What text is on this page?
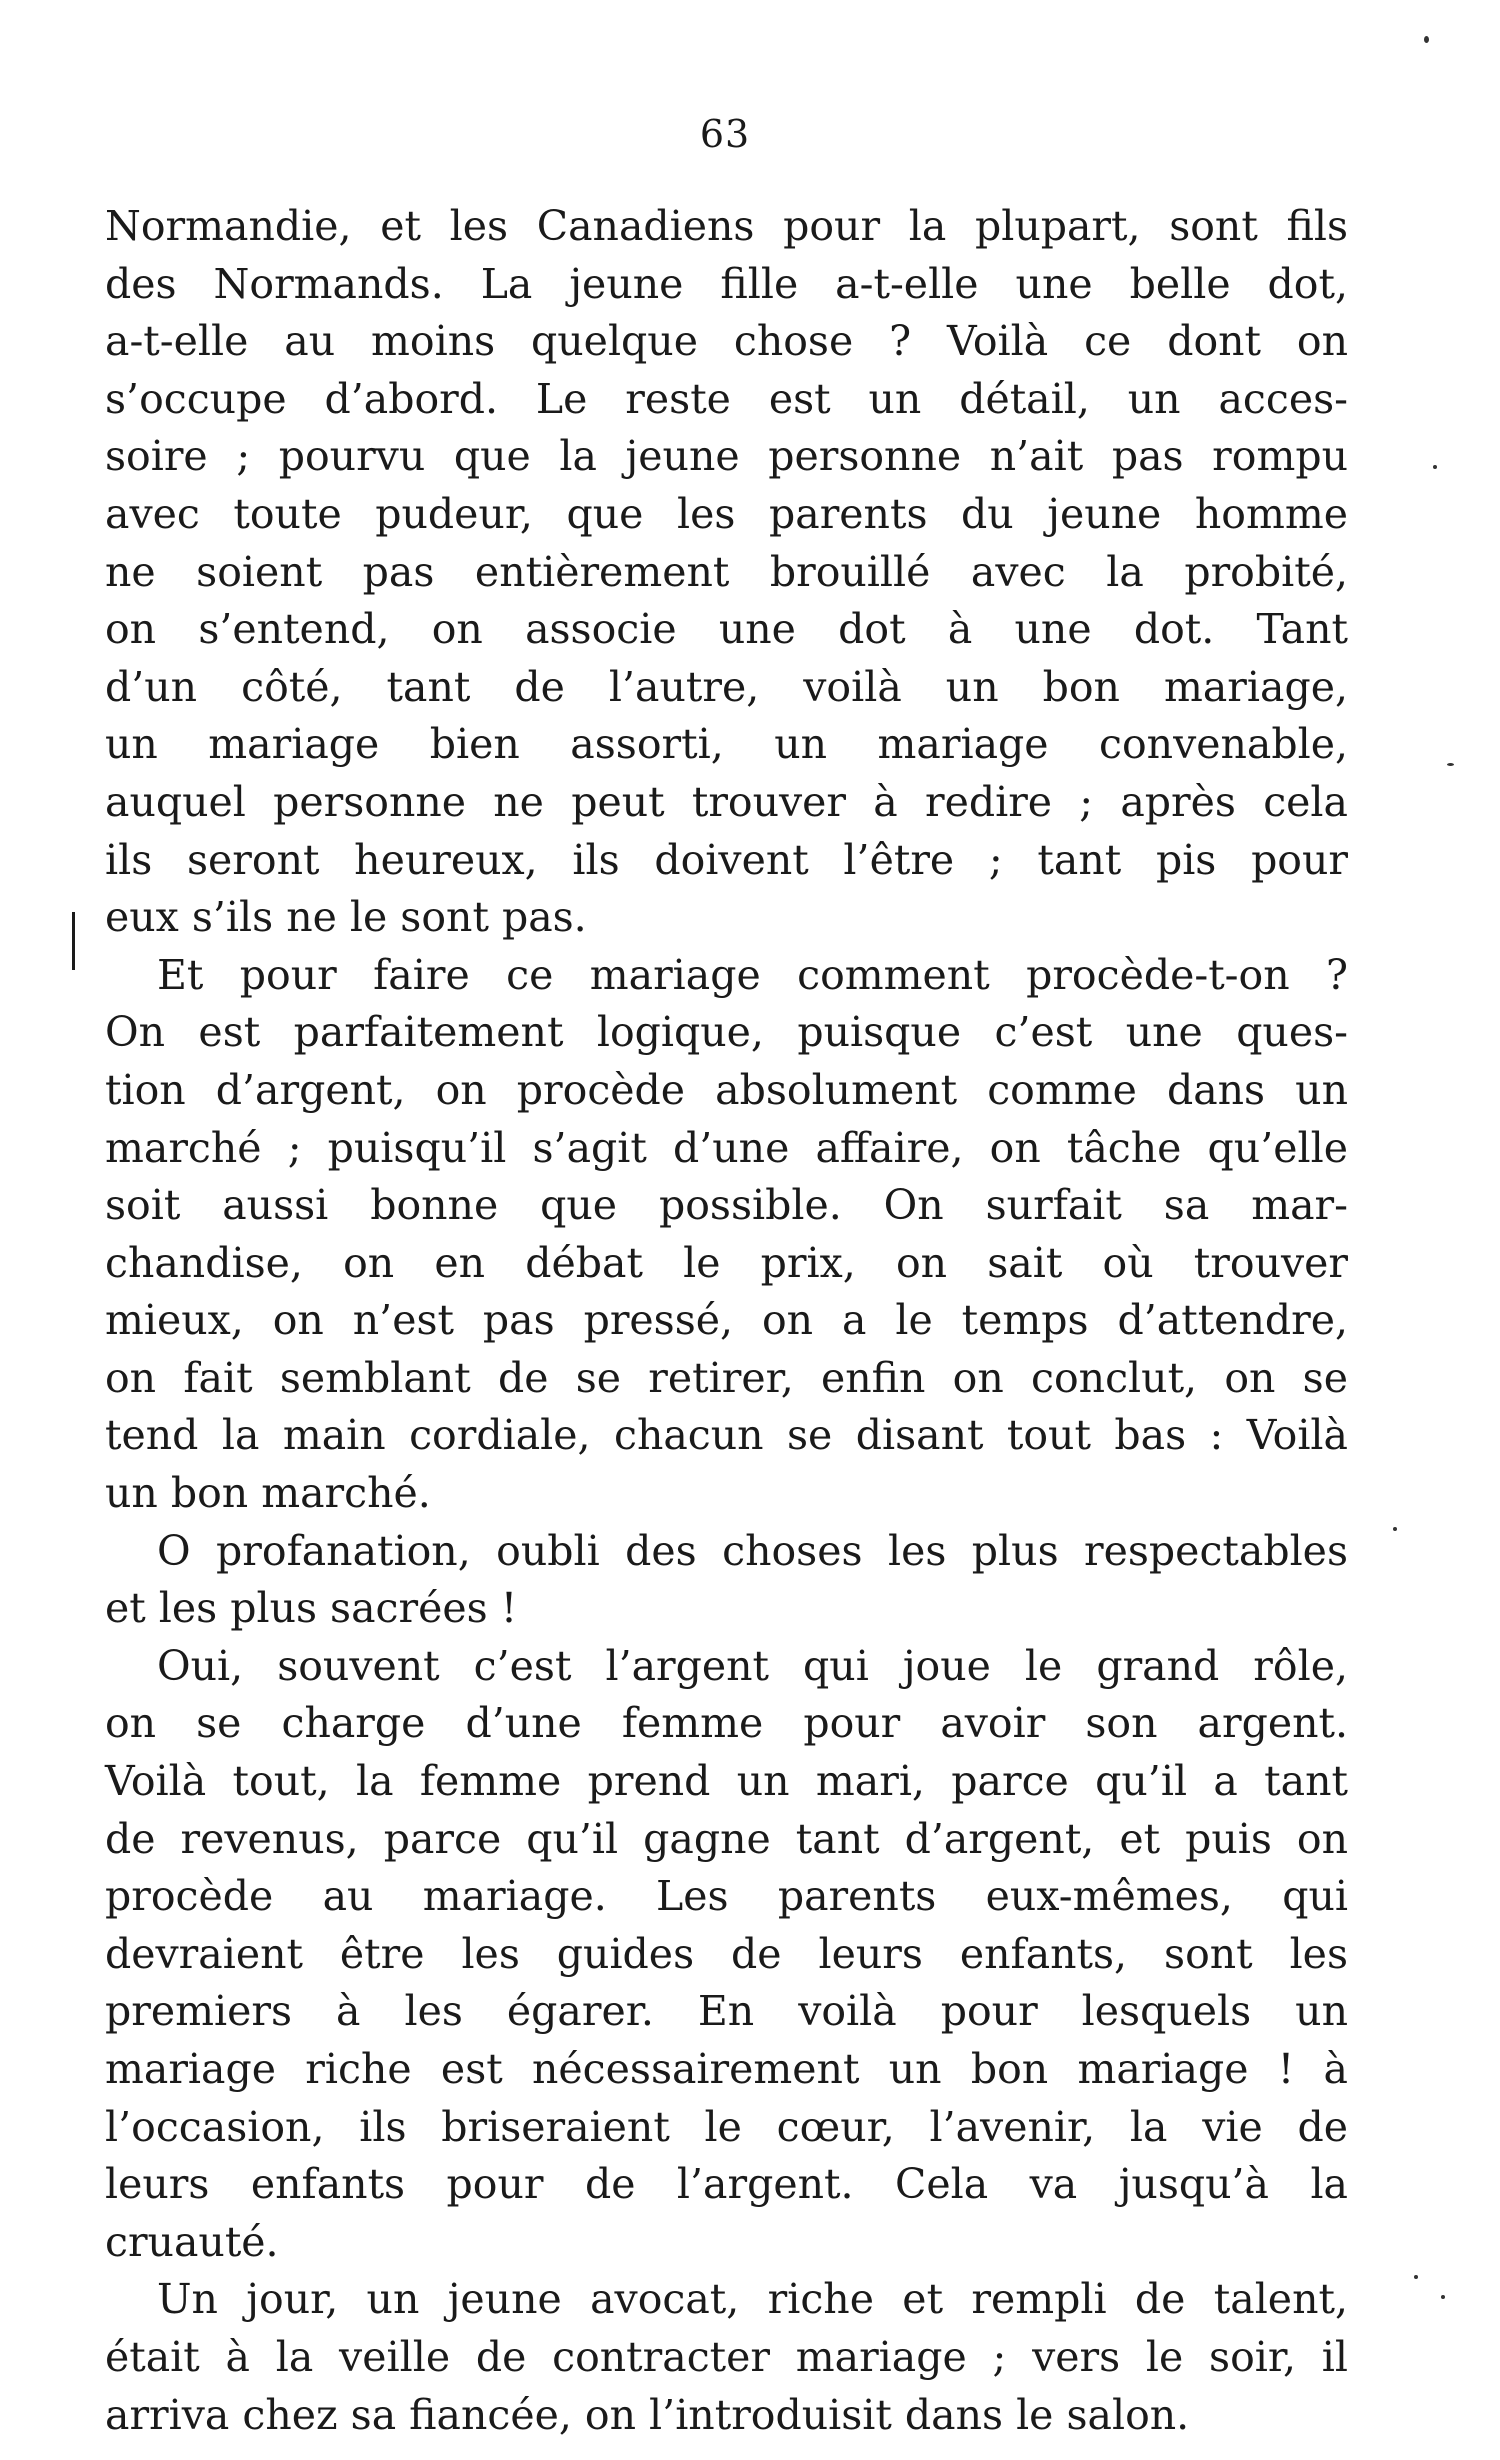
63
Normandie, et les Canadiens pour la plupart, sont fils
des Normands. La jeune fille a-t-elle une belle dot,
a-t-elle au moins quelque chose ? Voilà ce dont on
s’occupe d’abord. Le reste est un détail, un acces-
soire ; pourvu que la jeune personne n’ait pas rompu
avec toute pudeur, que les parents du jeune homme
ne soient pas entièrement brouillé avec la probité,
on s’entend, on associe une dot à une dot. Tant
d’un côté, tant de l’autre, voilà un bon mariage,
un mariage bien assorti, un mariage convenable,
auquel personne ne peut trouver à redire ; après cela
ils seront heureux, ils doivent l’être ; tant pis pour
eux s’ils ne le sont pas.
Et pour faire ce mariage comment procède-t-on ?
On est parfaitement logique, puisque c’est une ques-
tion d’argent, on procède absolument comme dans un
marché ; puisqu’il s’agit d’une affaire, on tâche qu’elle
soit aussi bonne que possible. On surfait sa mar-
chandise, on en débat le prix, on sait où trouver
mieux, on n’est pas pressé, on a le temps d’attendre,
on fait semblant de se retirer, enfin on conclut, on se
tend la main cordiale, chacun se disant tout bas : Voilà
un bon marché.
O profanation, oubli des choses les plus respectables
et les plus sacrées !
Oui, souvent c’est l’argent qui joue le grand rôle,
on se charge d’une femme pour avoir son argent.
Voilà tout, la femme prend un mari, parce qu’il a tant
de revenus, parce qu’il gagne tant d’argent, et puis on
procède au mariage. Les parents eux-mêmes, qui
devraient être les guides de leurs enfants, sont les
premiers à les égarer. En voilà pour lesquels un
mariage riche est nécessairement un bon mariage ! à
l’occasion, ils briseraient le cœur, l’avenir, la vie de
leurs enfants pour de l’argent. Cela va jusqu’à la
cruauté.
Un jour, un jeune avocat, riche et rempli de talent,
était à la veille de contracter mariage ; vers le soir, il
arriva chez sa fiancée, on l’introduisit dans le salon.
